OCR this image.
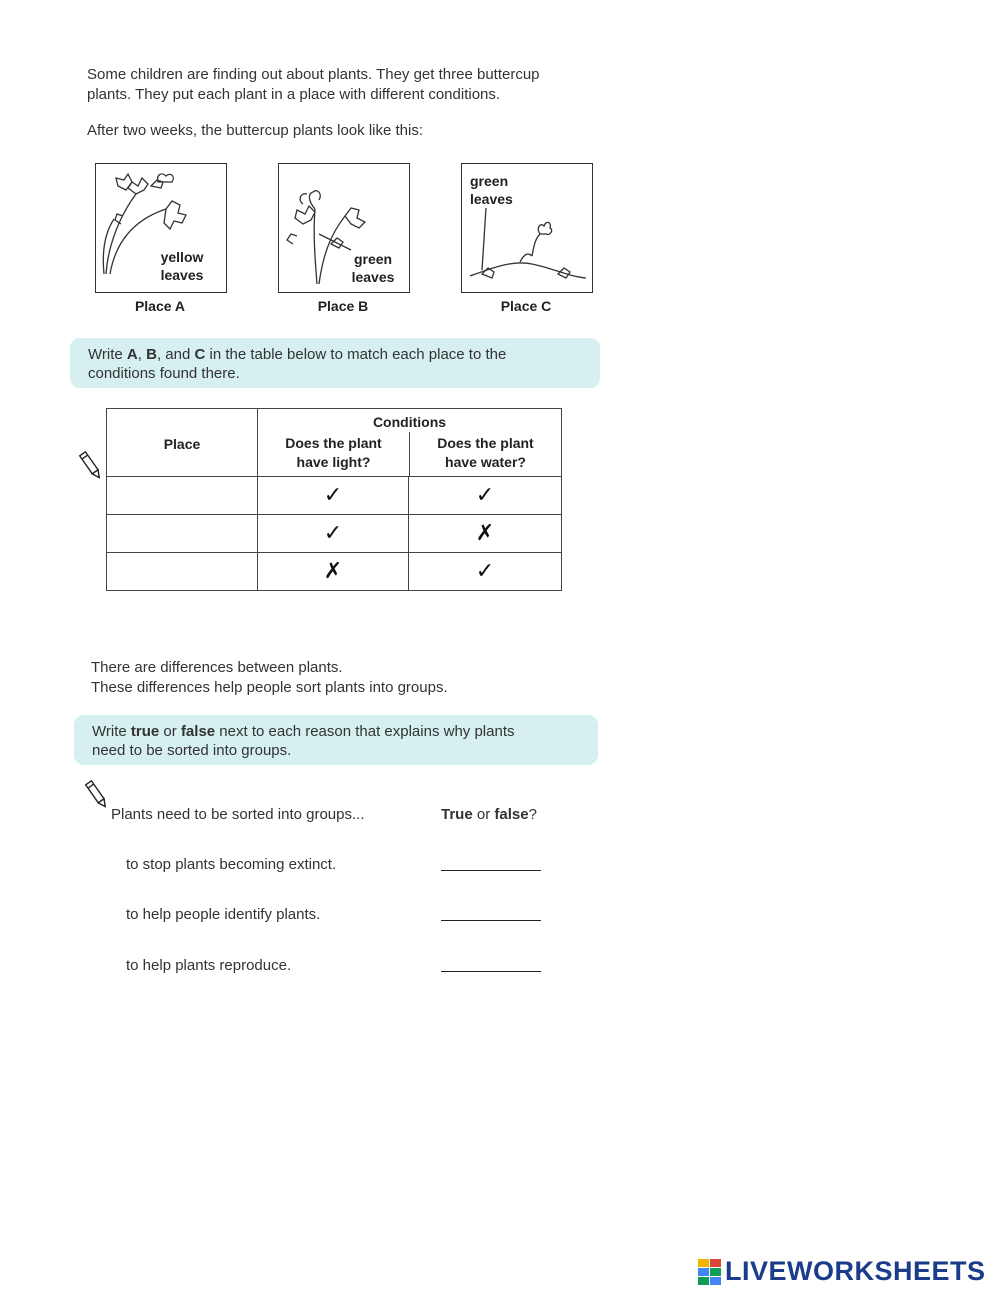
Some children are finding out about plants. They get three buttercup
plants. They put each plant in a place with different conditions.
After two weeks, the buttercup plants look like this:
yellow
leaves
Place A
green
leaves
Place B
green
leaves
Place C
Write A, B, and C in the table below to match each place to the
conditions found there.
Place	Conditions
Does the plant
have light?
Does the plant
have water?	

	✓	✓
	✓	✗
	✗	✓
There are differences between plants.
These differences help people sort plants into groups.
Write true or false next to each reason that explains why plants
need to be sorted into groups.
Plants need to be sorted into groups...	True or false?
to stop plants becoming extinct.
to help people identify plants.
to help plants reproduce.
LIVEWORKSHEETS
